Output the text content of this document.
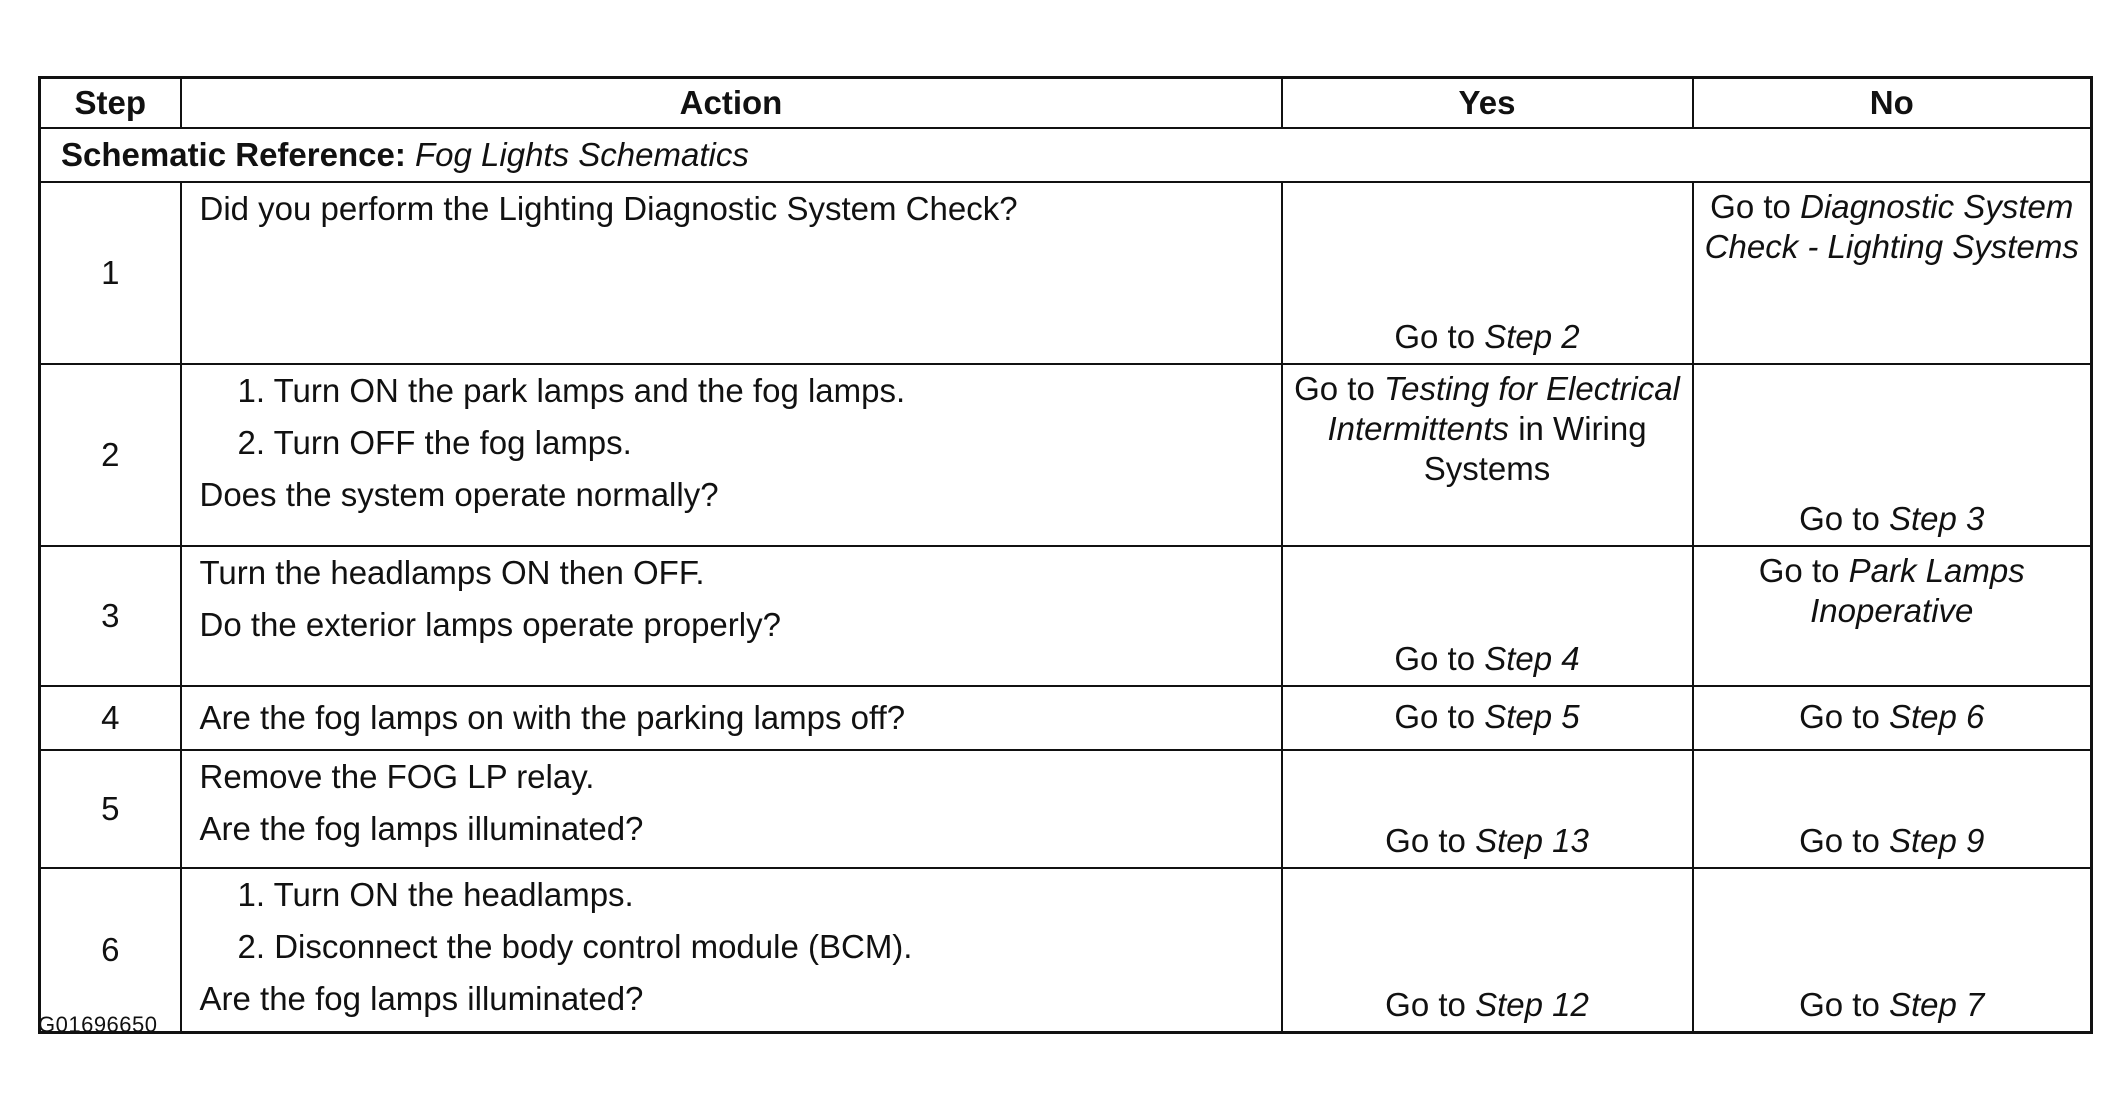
Step	Action	Yes	No
Schematic Reference: Fog Lights Schematics			
1	Did you perform the Lighting Diagnostic System Check?	Go to Step 2	Go to Diagnostic System Check - Lighting Systems
2	1. Turn ON the park lamps and the fog lamps.
2. Turn OFF the fog lamps.
Does the system operate normally?	Go to Testing for Electrical Intermittents in Wiring Systems	Go to Step 3
3	Turn the headlamps ON then OFF.
Do the exterior lamps operate properly?	Go to Step 4	Go to Park Lamps Inoperative
4	Are the fog lamps on with the parking lamps off?	Go to Step 5	Go to Step 6
5	Remove the FOG LP relay.
Are the fog lamps illuminated?	Go to Step 13	Go to Step 9
6	1. Turn ON the headlamps.
2. Disconnect the body control module (BCM).
Are the fog lamps illuminated?	Go to Step 12	Go to Step 7
G01696650
